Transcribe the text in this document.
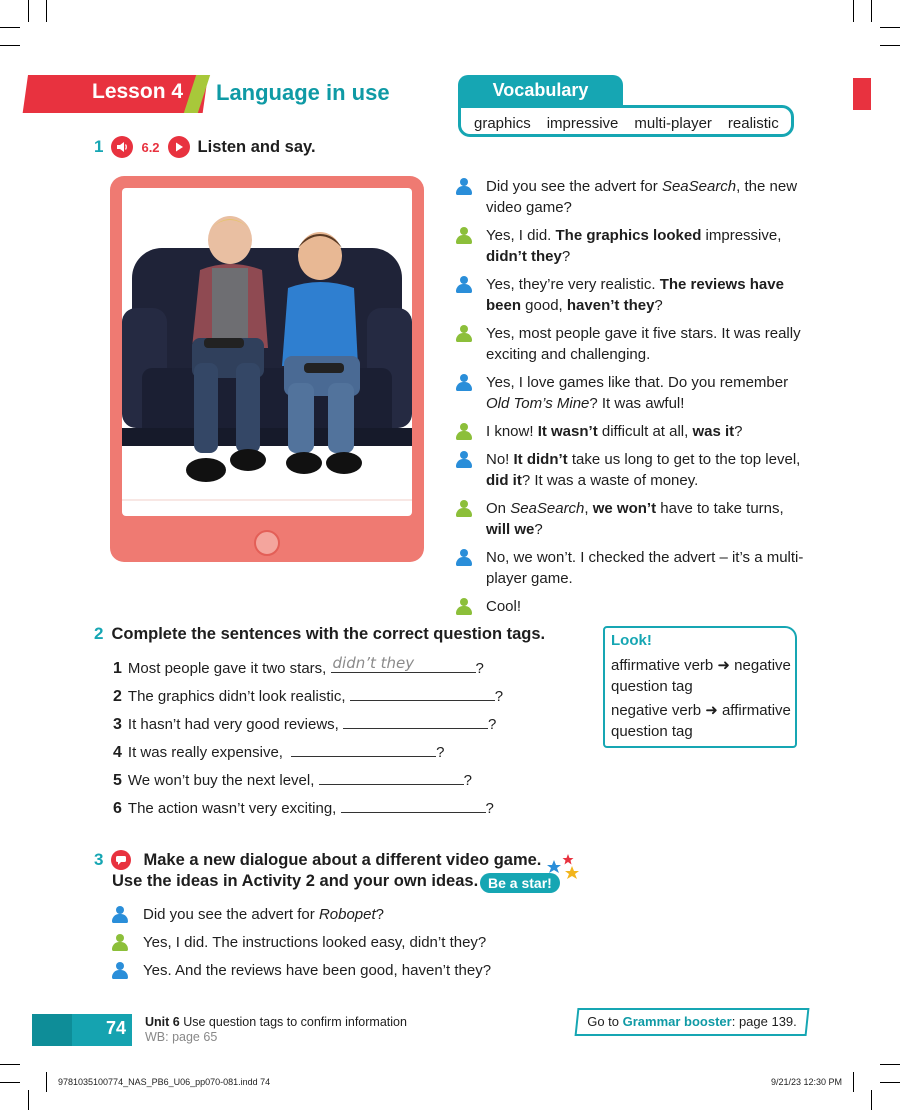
Lesson 4 Language in use	Vocabulary
graphics impressive multi-player realistic
1	6.2 Listen and say.
Did you see the advert for SeaSearch, the new video game?
Yes, I did. The graphics looked impressive, didn’t they?
Yes, they’re very realistic. The reviews have been good, haven’t they?
Yes, most people gave it five stars. It was really exciting and challenging.
Yes, I love games like that. Do you remember Old Tom’s Mine? It was awful!
I know! It wasn’t difficult at all, was it?
No! It didn’t take us long to get to the top level, did it? It was a waste of money.
On SeaSearch, we won’t have to take turns, will we?
No, we won’t. I checked the advert – it’s a multi-player game.
Cool!
2 Complete the sentences with the correct question tags.
1 Most people gave it two stars, didn’t they	?
2 The graphics didn’t look realistic,	?
3 It hasn’t had very good reviews,	?
4 It was really expensive,	?
5 We won’t buy the next level,	?
6 The action wasn’t very exciting,	?
Look!
affirmative verb ➜ negative question tag
negative verb ➜ affirmative question tag
3 Make a new dialogue about a different video game.
Use the ideas in Activity 2 and your own ideas. Be a star!
Did you see the advert for Robopet?
Yes, I did. The instructions looked easy, didn’t they?
Yes. And the reviews have been good, haven’t they?
74 Unit 6 Use question tags to confirm information
WB: page 65
Go to Grammar booster: page 139.
9781035100774_NAS_PB6_U06_pp070-081.indd 74	9/21/23 12:30 PM
